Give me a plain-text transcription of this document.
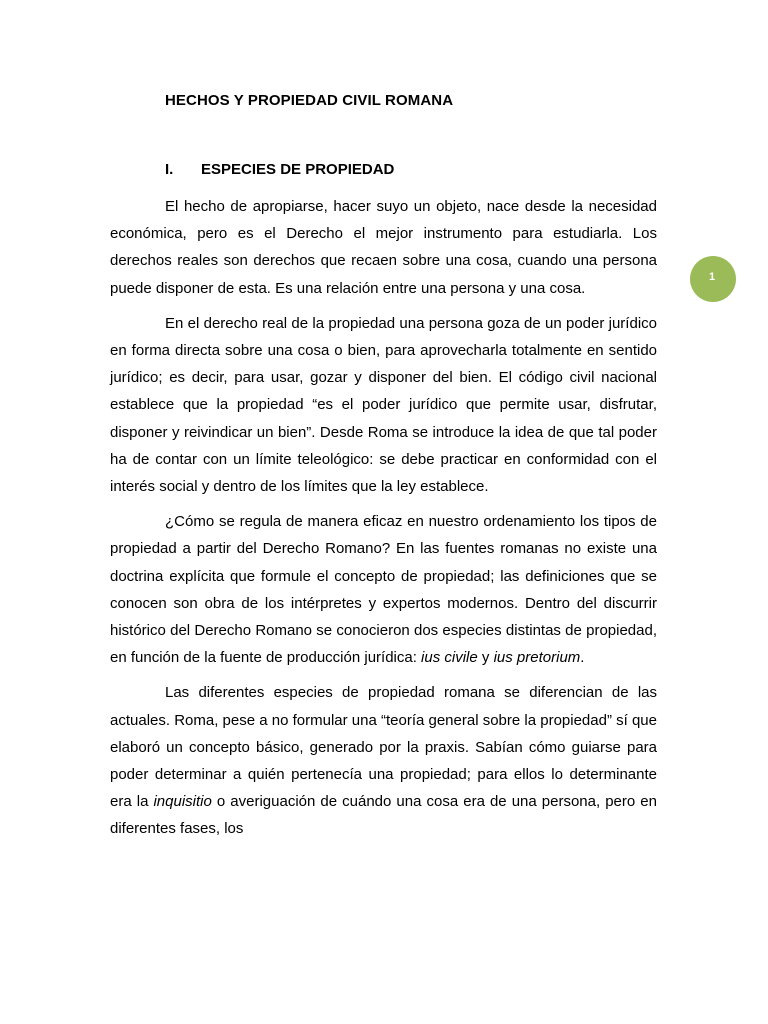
HECHOS Y PROPIEDAD CIVIL ROMANA
I.	ESPECIES DE PROPIEDAD

El hecho de apropiarse, hacer suyo un objeto, nace desde la necesidad económica, pero es el Derecho el mejor instrumento para estudiarla. Los derechos reales son derechos que recaen sobre una cosa, cuando una persona puede disponer de esta. Es una relación entre una persona y una cosa.

En el derecho real de la propiedad una persona goza de un poder jurídico en forma directa sobre una cosa o bien, para aprovecharla totalmente en sentido jurídico; es decir, para usar, gozar y disponer del bien. El código civil nacional establece que la propiedad “es el poder jurídico que permite usar, disfrutar, disponer y reivindicar un bien”. Desde Roma se introduce la idea de que tal poder ha de contar con un límite teleológico: se debe practicar en conformidad con el interés social y dentro de los límites que la ley establece.

¿Cómo se regula de manera eficaz en nuestro ordenamiento los tipos de propiedad a partir del Derecho Romano? En las fuentes romanas no existe una doctrina explícita que formule el concepto de propiedad; las definiciones que se conocen son obra de los intérpretes y expertos modernos. Dentro del discurrir histórico del Derecho Romano se conocieron dos especies distintas de propiedad, en función de la fuente de producción jurídica: ius civile y ius pretorium.

Las diferentes especies de propiedad romana se diferencian de las actuales. Roma, pese a no formular una “teoría general sobre la propiedad” sí que elaboró un concepto básico, generado por la praxis. Sabían cómo guiarse para poder determinar a quién pertenecía una propiedad; para ellos lo determinante era la inquisitio o averiguación de cuándo una cosa era de una persona, pero en diferentes fases, los

1
